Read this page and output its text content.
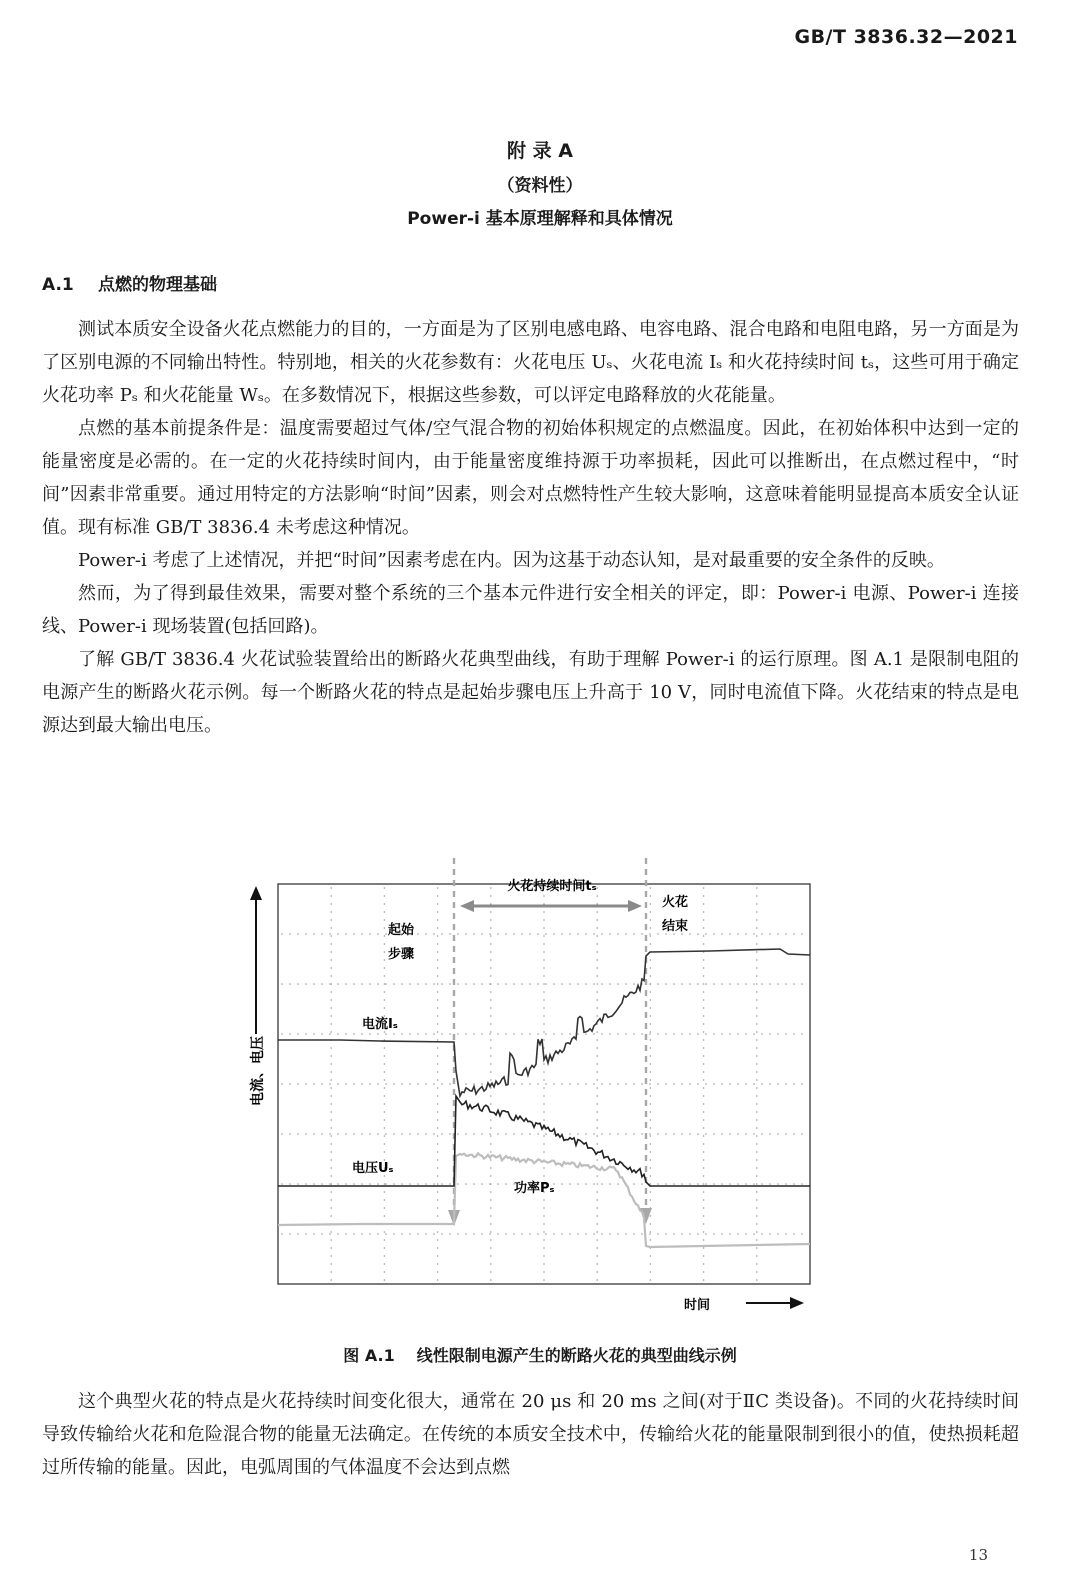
GB/T 3836.32—2021
附 录 A
（资料性）
Power-i 基本原理解释和具体情况
A.1 点燃的物理基础

测试本质安全设备火花点燃能力的目的，一方面是为了区别电感电路、电容电路、混合电路和电阻电路，另一方面是为了区别电源的不同输出特性。特别地，相关的火花参数有：火花电压 Uₛ、火花电流 Iₛ 和火花持续时间 tₛ，这些可用于确定火花功率 Pₛ 和火花能量 Wₛ。在多数情况下，根据这些参数，可以评定电路释放的火花能量。

点燃的基本前提条件是：温度需要超过气体/空气混合物的初始体积规定的点燃温度。因此，在初始体积中达到一定的能量密度是必需的。在一定的火花持续时间内，由于能量密度维持源于功率损耗，因此可以推断出，在点燃过程中，“时间”因素非常重要。通过用特定的方法影响“时间”因素，则会对点燃特性产生较大影响，这意味着能明显提高本质安全认证值。现有标准 GB/T 3836.4 未考虑这种情况。

Power-i 考虑了上述情况，并把“时间”因素考虑在内。因为这基于动态认知，是对最重要的安全条件的反映。

然而，为了得到最佳效果，需要对整个系统的三个基本元件进行安全相关的评定，即：Power-i 电源、Power-i 连接线、Power-i 现场装置(包括回路)。

了解 GB/T 3836.4 火花试验装置给出的断路火花典型曲线，有助于理解 Power-i 的运行原理。图 A.1 是限制电阻的电源产生的断路火花示例。每一个断路火花的特点是起始步骤电压上升高于 10 V，同时电流值下降。火花结束的特点是电源达到最大输出电压。

电流、电压
时间
火花持续时间tₛ
起始
步骤
火花
结束
电流Iₛ
电压Uₛ
功率Pₛ
图 A.1 线性限制电源产生的断路火花的典型曲线示例

这个典型火花的特点是火花持续时间变化很大，通常在 20 μs 和 20 ms 之间(对于ⅡC 类设备)。不同的火花持续时间导致传输给火花和危险混合物的能量无法确定。在传统的本质安全技术中，传输给火花的能量限制到很小的值，使热损耗超过所传输的能量。因此，电弧周围的气体温度不会达到点燃

13
